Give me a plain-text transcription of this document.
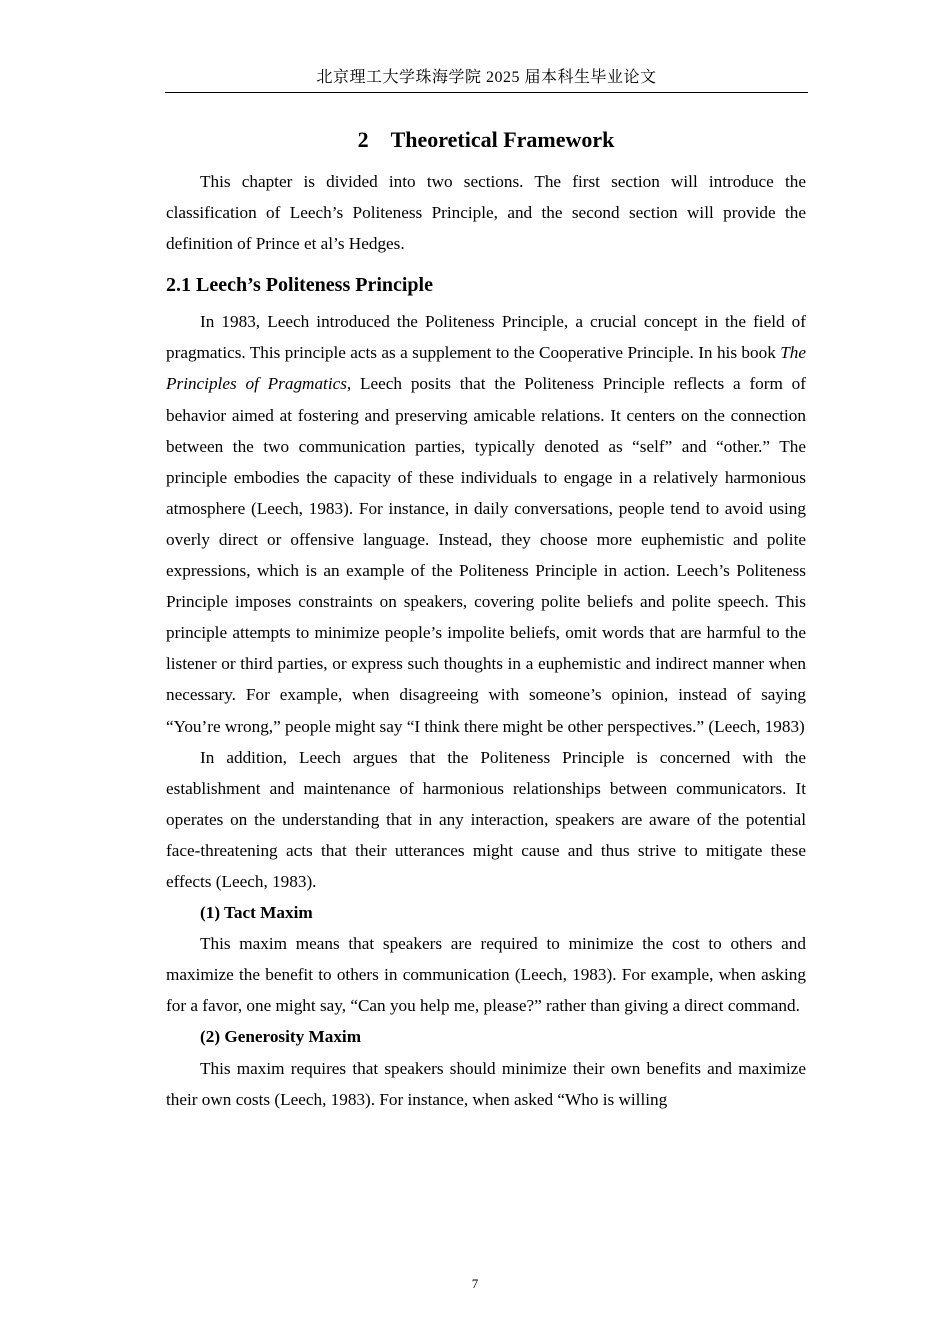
北京理工大学珠海学院 2025 届本科生毕业论文
2 Theoretical Framework

This chapter is divided into two sections. The first section will introduce the classification of Leech’s Politeness Principle, and the second section will provide the definition of Prince et al’s Hedges.

2.1 Leech’s Politeness Principle

In 1983, Leech introduced the Politeness Principle, a crucial concept in the field of pragmatics. This principle acts as a supplement to the Cooperative Principle. In his book The Principles of Pragmatics, Leech posits that the Politeness Principle reflects a form of behavior aimed at fostering and preserving amicable relations. It centers on the connection between the two communication parties, typically denoted as “self” and “other.” The principle embodies the capacity of these individuals to engage in a relatively harmonious atmosphere (Leech, 1983). For instance, in daily conversations, people tend to avoid using overly direct or offensive language. Instead, they choose more euphemistic and polite expressions, which is an example of the Politeness Principle in action. Leech’s Politeness Principle imposes constraints on speakers, covering polite beliefs and polite speech. This principle attempts to minimize people’s impolite beliefs, omit words that are harmful to the listener or third parties, or express such thoughts in a euphemistic and indirect manner when necessary. For example, when disagreeing with someone’s opinion, instead of saying “You’re wrong,” people might say “I think there might be other perspectives.” (Leech, 1983)

In addition, Leech argues that the Politeness Principle is concerned with the establishment and maintenance of harmonious relationships between communicators. It operates on the understanding that in any interaction, speakers are aware of the potential face-threatening acts that their utterances might cause and thus strive to mitigate these effects (Leech, 1983).

(1) Tact Maxim

This maxim means that speakers are required to minimize the cost to others and maximize the benefit to others in communication (Leech, 1983). For example, when asking for a favor, one might say, “Can you help me, please?” rather than giving a direct command.

(2) Generosity Maxim

This maxim requires that speakers should minimize their own benefits and maximize their own costs (Leech, 1983). For instance, when asked “Who is willing

7
